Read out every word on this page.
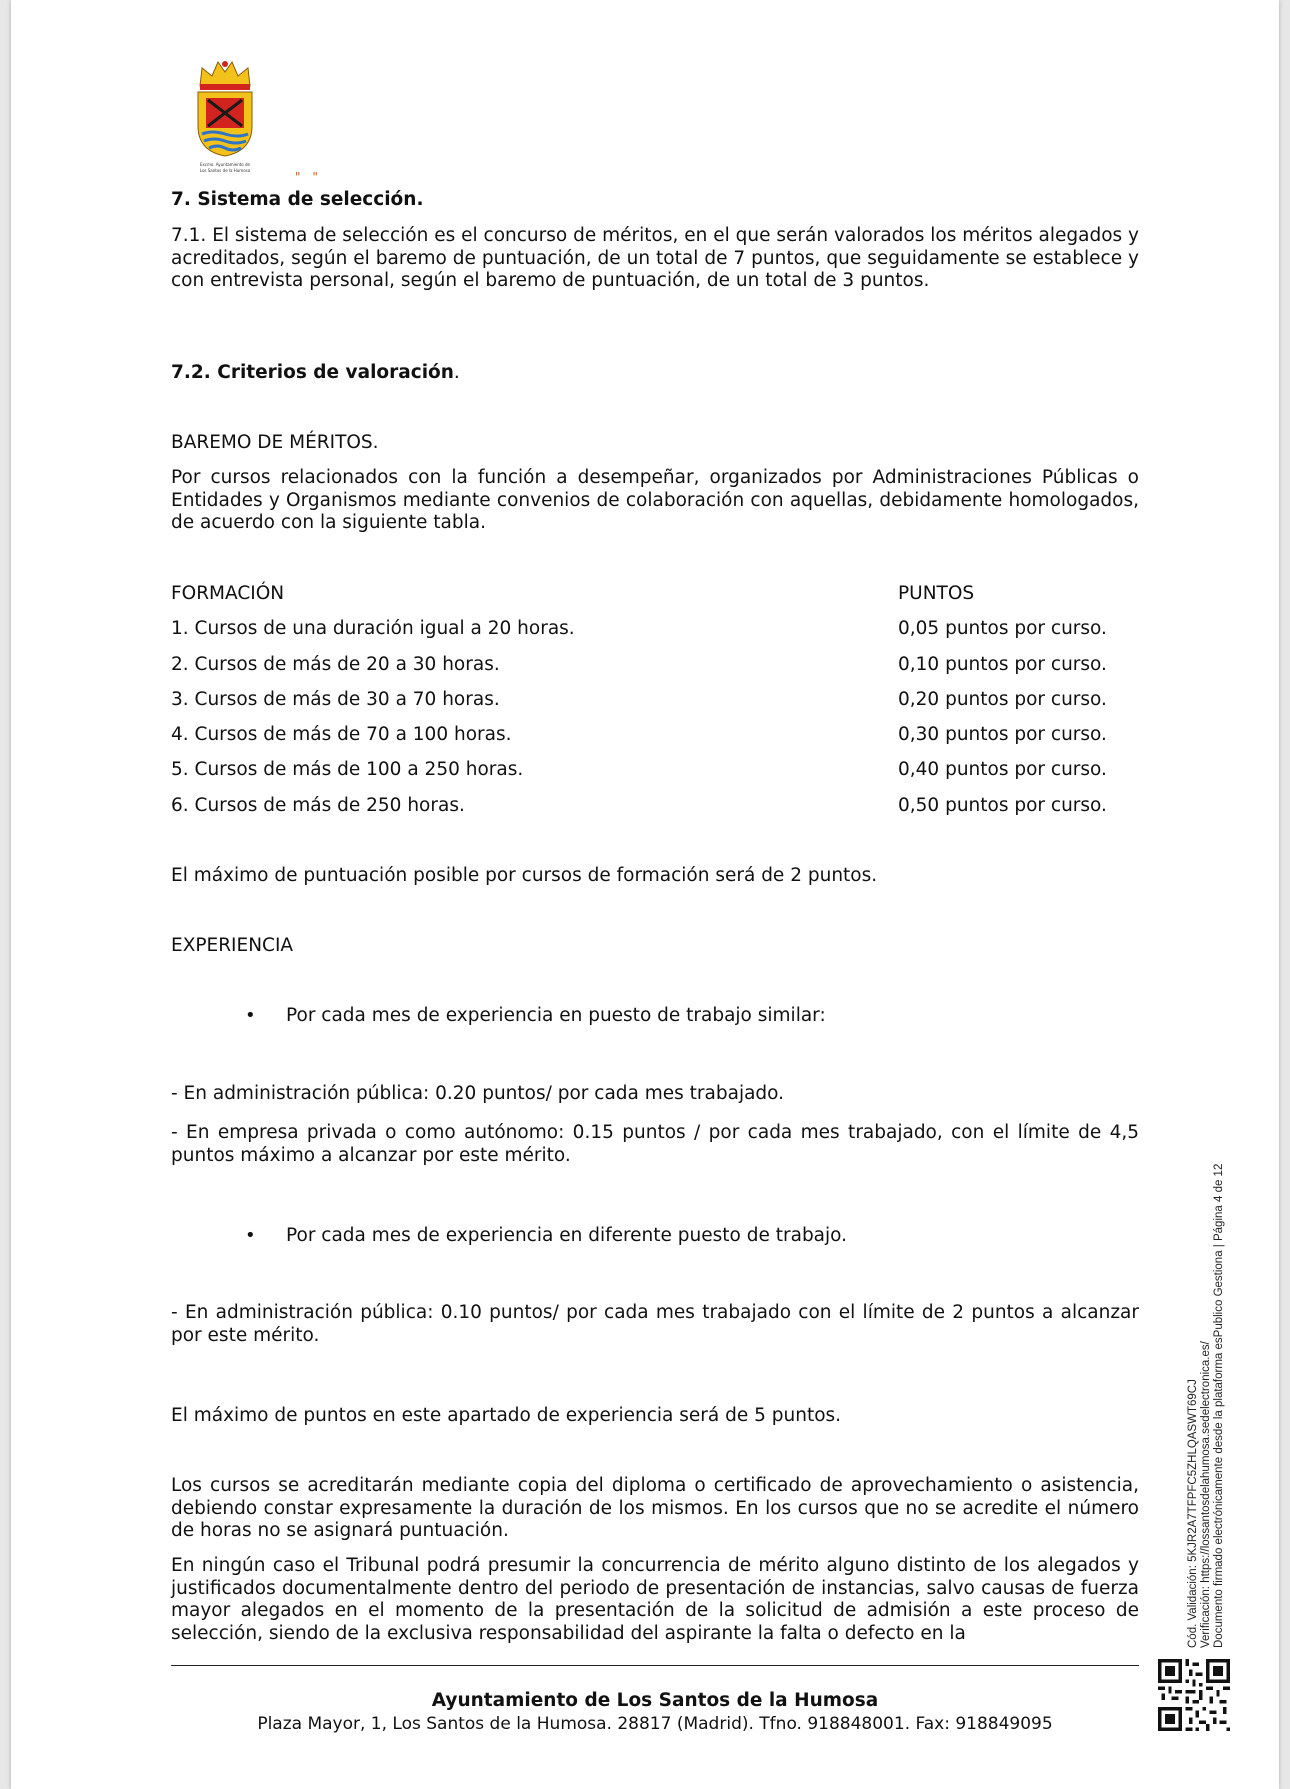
Excmo. Ayuntamiento de
Los Santos de la Humosa	" "
7. Sistema de selección.
7.1. El sistema de selección es el concurso de méritos, en el que serán valorados los méritos alegados y acreditados, según el baremo de puntuación, de un total de 7 puntos, que seguidamente se establece y con entrevista personal, según el baremo de puntuación, de un total de 3 puntos.
7.2. Criterios de valoración.
BAREMO DE MÉRITOS.
Por cursos relacionados con la función a desempeñar, organizados por Administraciones Públicas o Entidades y Organismos mediante convenios de colaboración con aquellas, debidamente homologados, de acuerdo con la siguiente tabla.
FORMACIÓN	PUNTOS
1. Cursos de una duración igual a 20 horas.	0,05 puntos por curso.
2. Cursos de más de 20 a 30 horas.	0,10 puntos por curso.
3. Cursos de más de 30 a 70 horas.	0,20 puntos por curso.
4. Cursos de más de 70 a 100 horas.	0,30 puntos por curso.
5. Cursos de más de 100 a 250 horas.	0,40 puntos por curso.
6. Cursos de más de 250 horas.	0,50 puntos por curso.
El máximo de puntuación posible por cursos de formación será de 2 puntos.
EXPERIENCIA
• Por cada mes de experiencia en puesto de trabajo similar:
- En administración pública: 0.20 puntos/ por cada mes trabajado.
- En empresa privada o como autónomo: 0.15 puntos / por cada mes trabajado, con el límite de 4,5 puntos máximo a alcanzar por este mérito.
• Por cada mes de experiencia en diferente puesto de trabajo.
- En administración pública: 0.10 puntos/ por cada mes trabajado con el límite de 2 puntos a alcanzar por este mérito.
El máximo de puntos en este apartado de experiencia será de 5 puntos.
Los cursos se acreditarán mediante copia del diploma o certificado de aprovechamiento o asistencia, debiendo constar expresamente la duración de los mismos. En los cursos que no se acredite el número de horas no se asignará puntuación.
En ningún caso el Tribunal podrá presumir la concurrencia de mérito alguno distinto de los alegados y justificados documentalmente dentro del periodo de presentación de instancias, salvo causas de fuerza mayor alegados en el momento de la presentación de la solicitud de admisión a este proceso de selección, siendo de la exclusiva responsabilidad del aspirante la falta o defecto en la
Ayuntamiento de Los Santos de la Humosa
Plaza Mayor, 1, Los Santos de la Humosa. 28817 (Madrid). Tfno. 918848001. Fax: 918849095
Cód. Validación: 5KJR2A7TFPFC5ZHLQASWT69CJ Verificación: https://lossantosdelahumosa.sedelectronica.es/ Documento firmado electrónicamente desde la plataforma esPublico Gestiona | Página 4 de 12
